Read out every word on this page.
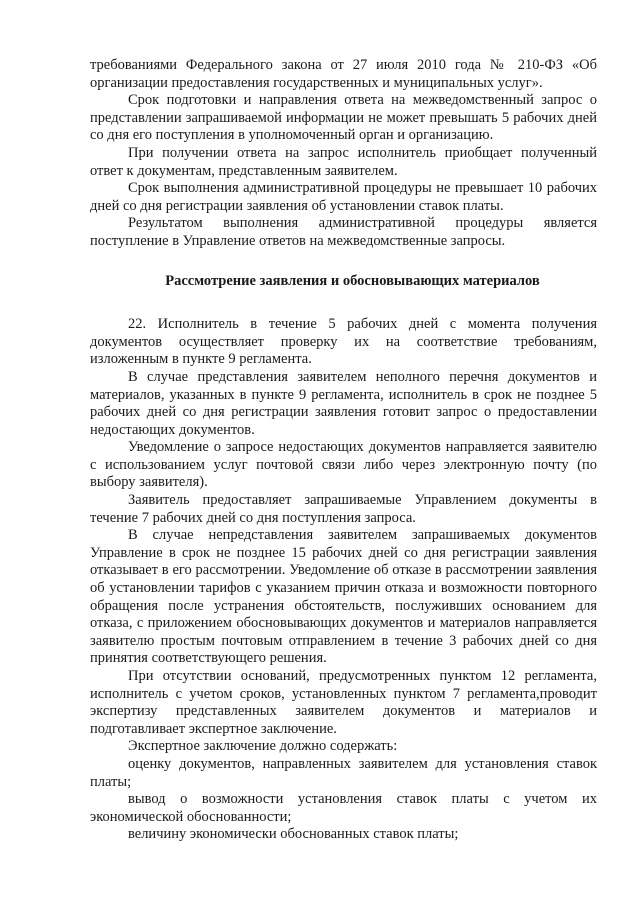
требованиями Федерального закона от 27 июля 2010 года № 210-ФЗ «Об организации предоставления государственных и муниципальных услуг».

Срок подготовки и направления ответа на межведомственный запрос о представлении запрашиваемой информации не может превышать 5 рабочих дней со дня его поступления в уполномоченный орган и организацию.

При получении ответа на запрос исполнитель приобщает полученный ответ к документам, представленным заявителем.

Срок выполнения административной процедуры не превышает 10 рабочих дней со дня регистрации заявления об установлении ставок платы.

Результатом выполнения административной процедуры является поступление в Управление ответов на межведомственные запросы.

Рассмотрение заявления и обосновывающих материалов

22. Исполнитель в течение 5 рабочих дней с момента получения документов осуществляет проверку их на соответствие требованиям, изложенным в пункте 9 регламента.

В случае представления заявителем неполного перечня документов и материалов, указанных в пункте 9 регламента, исполнитель в срок не позднее 5 рабочих дней со дня регистрации заявления готовит запрос о предоставлении недостающих документов.

Уведомление о запросе недостающих документов направляется заявителю с использованием услуг почтовой связи либо через электронную почту (по выбору заявителя).

Заявитель предоставляет запрашиваемые Управлением документы в течение 7 рабочих дней со дня поступления запроса.

В случае непредставления заявителем запрашиваемых документов Управление в срок не позднее 15 рабочих дней со дня регистрации заявления отказывает в его рассмотрении. Уведомление об отказе в рассмотрении заявления об установлении тарифов с указанием причин отказа и возможности повторного обращения после устранения обстоятельств, послуживших основанием для отказа, с приложением обосновывающих документов и материалов направляется заявителю простым почтовым отправлением в течение 3 рабочих дней со дня принятия соответствующего решения.

При отсутствии оснований, предусмотренных пунктом 12 регламента, исполнитель с учетом сроков, установленных пунктом 7 регламента,проводит экспертизу представленных заявителем документов и материалов и подготавливает экспертное заключение.

Экспертное заключение должно содержать:

оценку документов, направленных заявителем для установления ставок платы;

вывод о возможности установления ставок платы с учетом их экономической обоснованности;

величину экономически обоснованных ставок платы;
